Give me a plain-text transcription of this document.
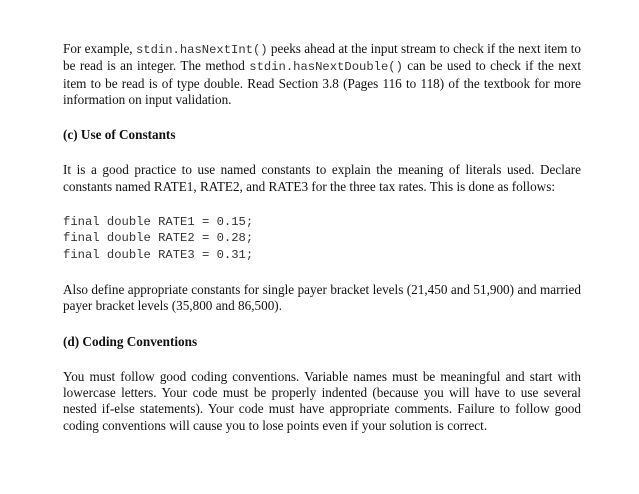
For example, stdin.hasNextInt() peeks ahead at the input stream to check if the next item to be read is an integer. The method stdin.hasNextDouble() can be used to check if the next item to be read is of type double. Read Section 3.8 (Pages 116 to 118) of the textbook for more information on input validation.

(c) Use of Constants

It is a good practice to use named constants to explain the meaning of literals used. Declare constants named RATE1, RATE2, and RATE3 for the three tax rates. This is done as follows:

final double RATE1 = 0.15;
final double RATE2 = 0.28;
final double RATE3 = 0.31;

Also define appropriate constants for single payer bracket levels (21,450 and 51,900) and married payer bracket levels (35,800 and 86,500).

(d) Coding Conventions

You must follow good coding conventions. Variable names must be meaningful and start with lowercase letters. Your code must be properly indented (because you will have to use several nested if-else statements). Your code must have appropriate comments. Failure to follow good coding conventions will cause you to lose points even if your solution is correct.
